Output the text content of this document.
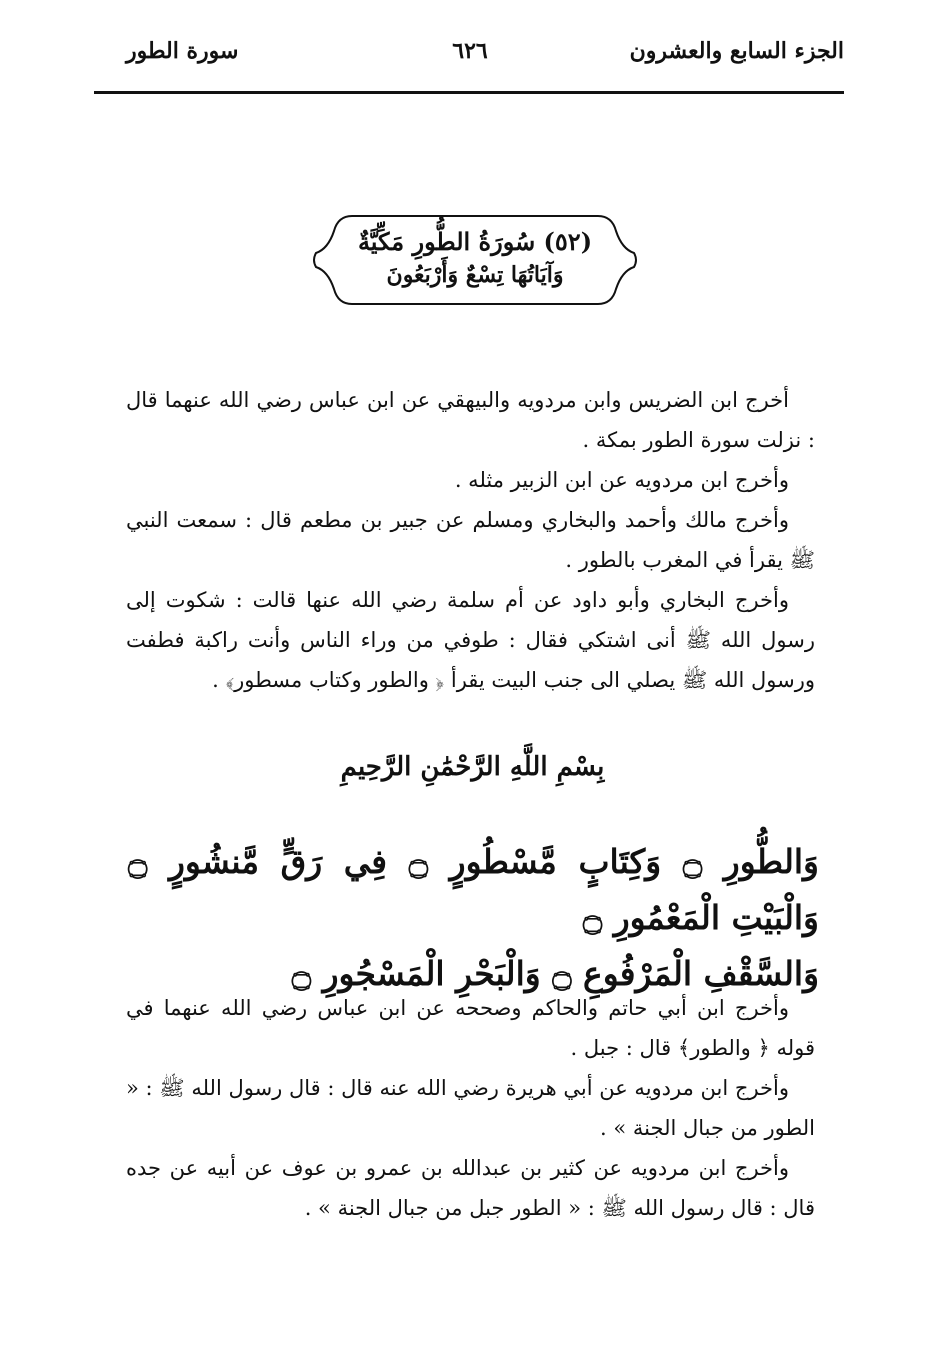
الجزء السابع والعشرون
٦٢٦
سورة الطور
(٥٢) سُورَةُ الطُّورِ مَكِّيَّةٌ
وَآيَاتُهَا تِسْعٌ وَأَرْبَعُونَ

أخرج ابن الضريس وابن مردويه والبيهقي عن ابن عباس رضي الله عنهما قال : نزلت سورة الطور بمكة .

وأخرج ابن مردويه عن ابن الزبير مثله .

وأخرج مالك وأحمد والبخاري ومسلم عن جبير بن مطعم قال : سمعت النبي ﷺ يقرأ في المغرب بالطور .

وأخرج البخاري وأبو داود عن أم سلمة رضي الله عنها قالت : شكوت إلى رسول الله ﷺ أنى اشتكي فقال : طوفي من وراء الناس وأنت راكبة فطفت ورسول الله ﷺ يصلي الى جنب البيت يقرأ ﴿ والطور وكتاب مسطور﴾ .

بِسْمِ اللَّهِ الرَّحْمَٰنِ الرَّحِيمِ

وَالطُّورِ ۝ وَكِتَابٍ مَّسْطُورٍ ۝ فِي رَقٍّ مَّنشُورٍ ۝ وَالْبَيْتِ الْمَعْمُورِ ۝

وَالسَّقْفِ الْمَرْفُوعِ ۝ وَالْبَحْرِ الْمَسْجُورِ ۝

وأخرج ابن أبي حاتم والحاكم وصححه عن ابن عباس رضي الله عنهما في قوله ﴿ والطور﴾ قال : جبل .

وأخرج ابن مردويه عن أبي هريرة رضي الله عنه قال : قال رسول الله ﷺ : « الطور من جبال الجنة » .

وأخرج ابن مردويه عن كثير بن عبدالله بن عمرو بن عوف عن أبيه عن جده قال : قال رسول الله ﷺ : « الطور جبل من جبال الجنة » .
